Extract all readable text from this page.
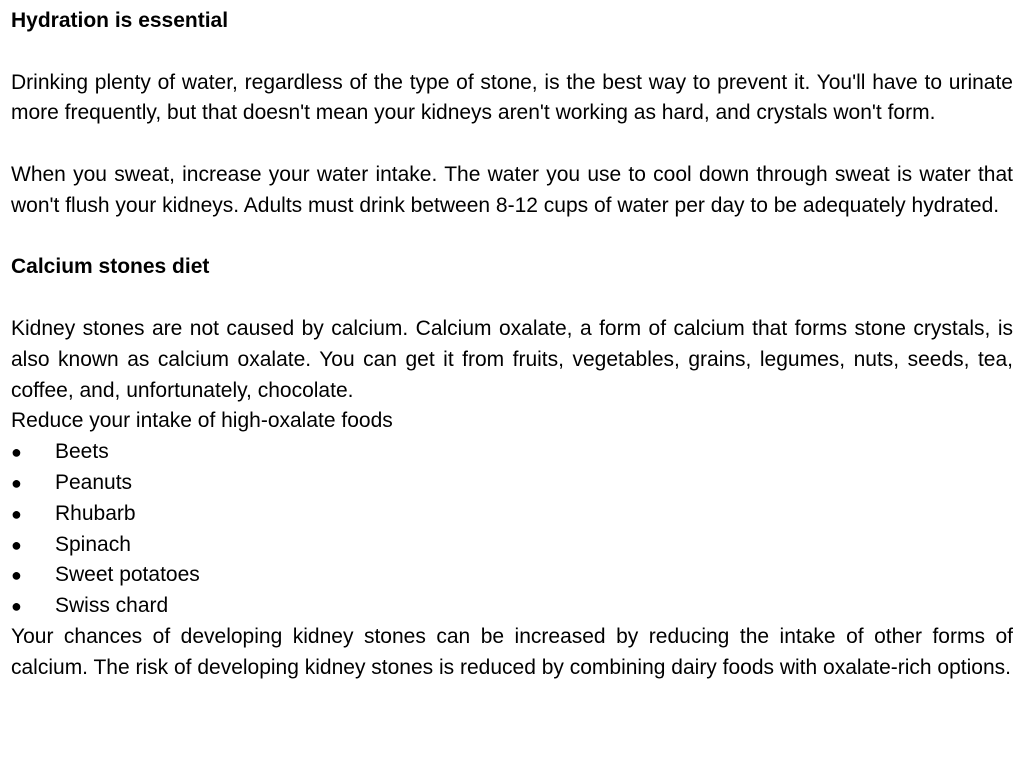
Hydration is essential

Drinking plenty of water, regardless of the type of stone, is the best way to prevent it. You'll have to urinate more frequently, but that doesn't mean your kidneys aren't working as hard, and crystals won't form.

When you sweat, increase your water intake. The water you use to cool down through sweat is water that won't flush your kidneys. Adults must drink between 8-12 cups of water per day to be adequately hydrated.

Calcium stones diet

Kidney stones are not caused by calcium. Calcium oxalate, a form of calcium that forms stone crystals, is also known as calcium oxalate. You can get it from fruits, vegetables, grains, legumes, nuts, seeds, tea, coffee, and, unfortunately, chocolate.

Reduce your intake of high-oxalate foods

●	Beets
●	Peanuts
●	Rhubarb
●	Spinach
●	Sweet potatoes
●	Swiss chard

Your chances of developing kidney stones can be increased by reducing the intake of other forms of calcium. The risk of developing kidney stones is reduced by combining dairy foods with oxalate-rich options.
